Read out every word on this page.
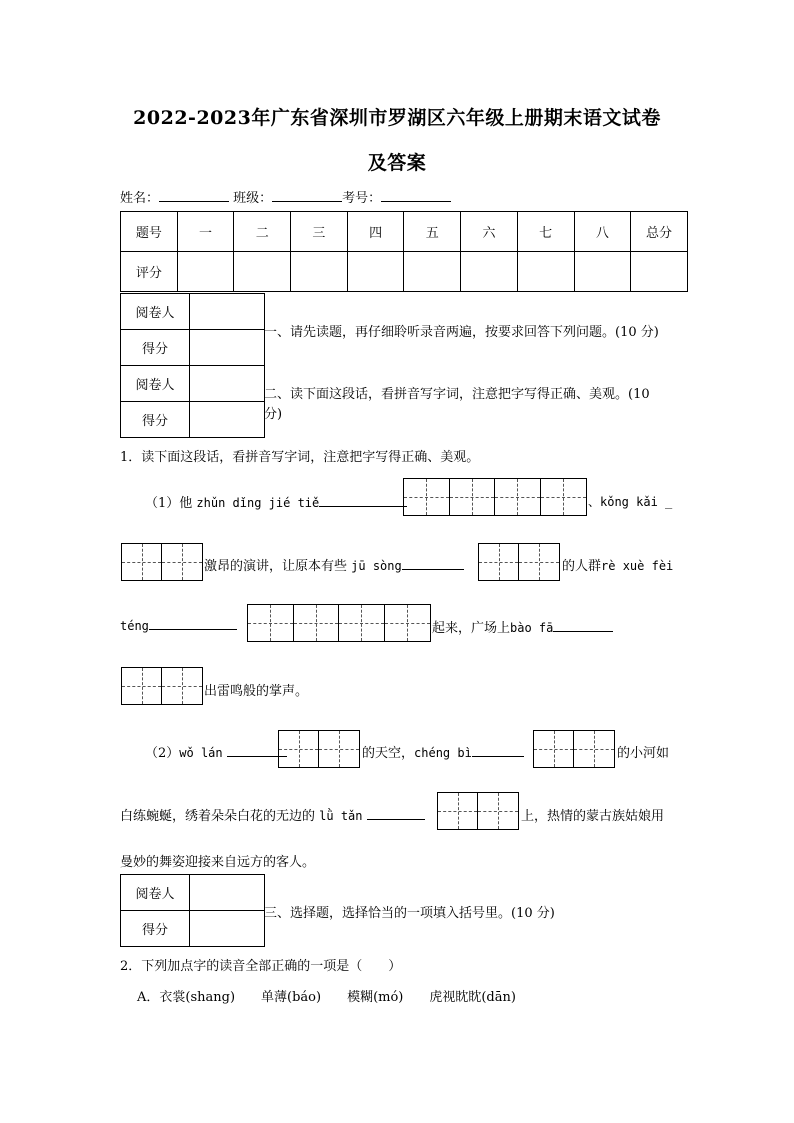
2022-2023年广东省深圳市罗湖区六年级上册期末语文试卷
及答案
姓名：	班级：	考号：
题号	一	二	三	四	五	六	七	八	总分
评分									
阅卷人	
得分	
阅卷人	
得分	
一、请先读题，再仔细聆听录音两遍，按要求回答下列问题。(10 分)
二、读下面这段话，看拼音写字词，注意把字写得正确、美观。(10
分)
1．读下面这段话，看拼音写字词，注意把字写得正确、美观。
（1）他 zhǔn dǐng jié tiě	、kǒng kǎi _
激昂的演讲，让原本有些 jū sòng	的人群rè xuè fèi
téng	起来，广场上bào fā
出雷鸣般的掌声。
（2）wǒ lán	的天空，chéng bì	的小河如
白练蜿蜒，绣着朵朵白花的无边的 lǜ tǎn	上，热情的蒙古族姑娘用
曼妙的舞姿迎接来自远方的客人。
阅卷人	
得分	
三、选择题，选择恰当的一项填入括号里。(10 分)
2．下列加点字的读音全部正确的一项是（　　）
A．衣裳(shang)　　单薄(báo)　　模糊(mó)　　虎视眈眈(dān)
